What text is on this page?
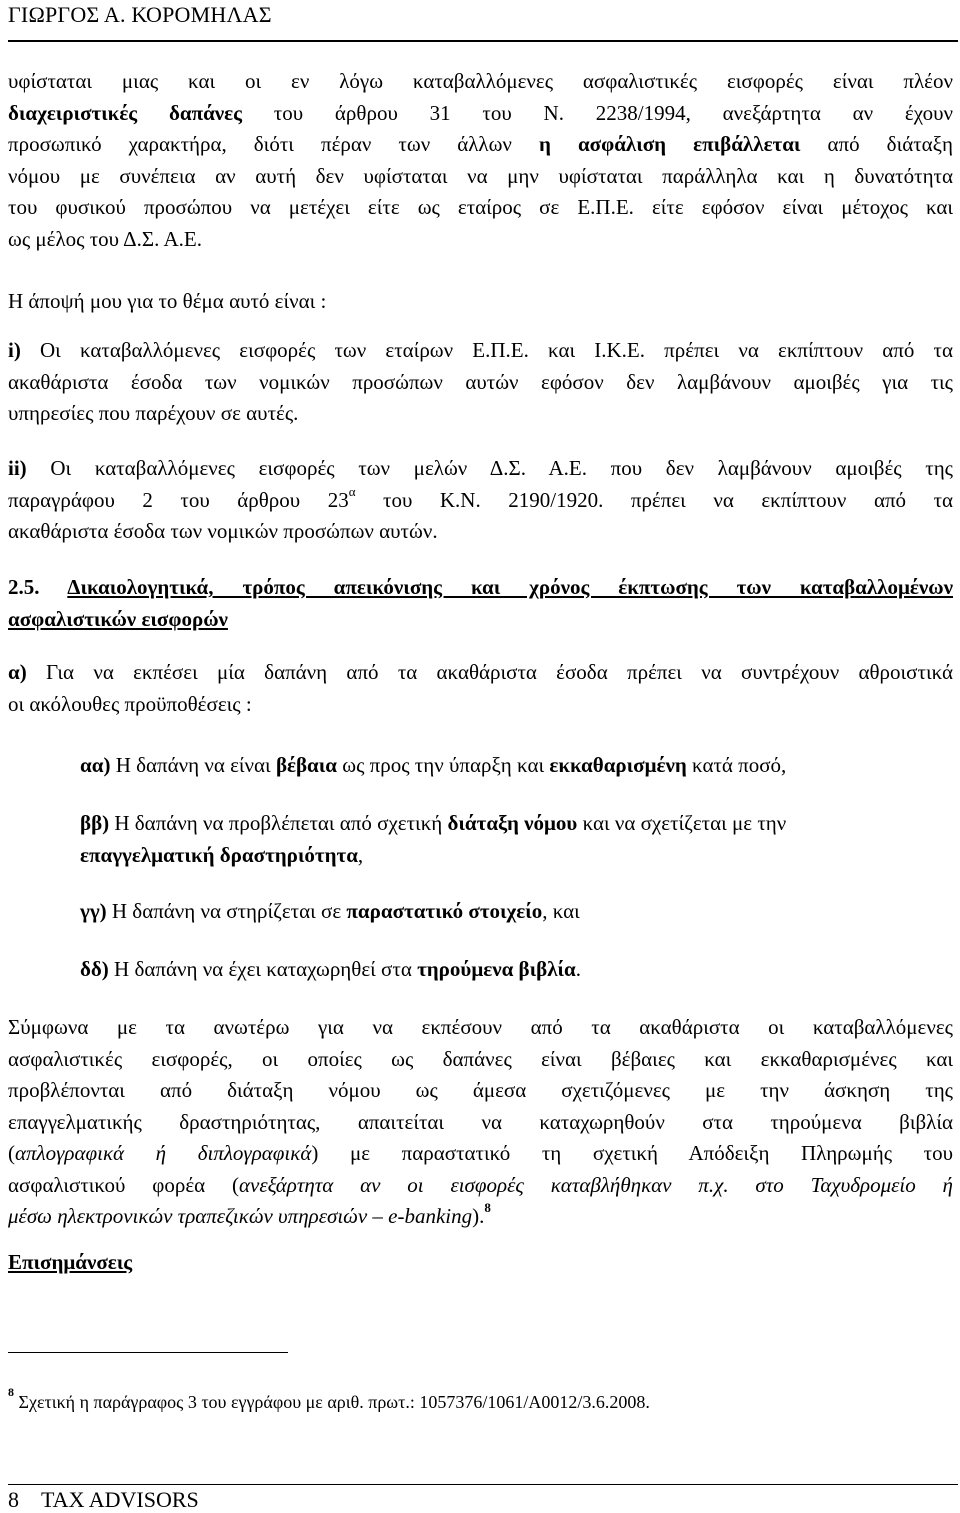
ΓΙΩΡΓΟΣ Α. ΚΟΡΟΜΗΛΑΣ
υφίσταται μιας και οι εν λόγω καταβαλλόμενες ασφαλιστικές εισφορές είναι πλέον
διαχειριστικές δαπάνες του άρθρου 31 του Ν. 2238/1994, ανεξάρτητα αν έχουν
προσωπικό χαρακτήρα, διότι πέραν των άλλων η ασφάλιση επιβάλλεται από διάταξη
νόμου με συνέπεια αν αυτή δεν υφίσταται να μην υφίσταται παράλληλα και η δυνατότητα
του φυσικού προσώπου να μετέχει είτε ως εταίρος σε Ε.Π.Ε. είτε εφόσον είναι μέτοχος και
ως μέλος του Δ.Σ. Α.Ε.
Η άποψή μου για το θέμα αυτό είναι :
i) Οι καταβαλλόμενες εισφορές των εταίρων Ε.Π.Ε. και Ι.Κ.Ε. πρέπει να εκπίπτουν από τα
ακαθάριστα έσοδα των νομικών προσώπων αυτών εφόσον δεν λαμβάνουν αμοιβές για τις
υπηρεσίες που παρέχουν σε αυτές.
ii) Οι καταβαλλόμενες εισφορές των μελών Δ.Σ. Α.Ε. που δεν λαμβάνουν αμοιβές της
παραγράφου 2 του άρθρου $23^\alpha$ του Κ.Ν. 2190/1920. πρέπει να εκπίπτουν από τα
ακαθάριστα έσοδα των νομικών προσώπων αυτών.
2.5. Δικαιολογητικά, τρόπος απεικόνισης και χρόνος έκπτωσης των καταβαλλομένων
ασφαλιστικών εισφορών
α) Για να εκπέσει μία δαπάνη από τα ακαθάριστα έσοδα πρέπει να συντρέχουν αθροιστικά
οι ακόλουθες προϋποθέσεις :
αα) Η δαπάνη να είναι βέβαια ως προς την ύπαρξη και εκκαθαρισμένη κατά ποσό,
ββ) Η δαπάνη να προβλέπεται από σχετική διάταξη νόμου και να σχετίζεται με την
επαγγελματική δραστηριότητα,
γγ) Η δαπάνη να στηρίζεται σε παραστατικό στοιχείο, και
δδ) Η δαπάνη να έχει καταχωρηθεί στα τηρούμενα βιβλία.
Σύμφωνα με τα ανωτέρω για να εκπέσουν από τα ακαθάριστα οι καταβαλλόμενες
ασφαλιστικές εισφορές, οι οποίες ως δαπάνες είναι βέβαιες και εκκαθαρισμένες και
προβλέπονται από διάταξη νόμου ως άμεσα σχετιζόμενες με την άσκηση της
επαγγελματικής δραστηριότητας, απαιτείται να καταχωρηθούν στα τηρούμενα βιβλία
(απλογραφικά ή διπλογραφικά) με παραστατικό τη σχετική Απόδειξη Πληρωμής του
ασφαλιστικού φορέα (ανεξάρτητα αν οι εισφορές καταβλήθηκαν π.χ. στο Ταχυδρομείο ή
μέσω ηλεκτρονικών τραπεζικών υπηρεσιών – e-banking).$^8$
Επισημάνσεις
$^8$ Σχετική η παράγραφος 3 του εγγράφου με αριθ. πρωτ.: 1057376/1061/Α0012/3.6.2008.
8 TAX ADVISORS
